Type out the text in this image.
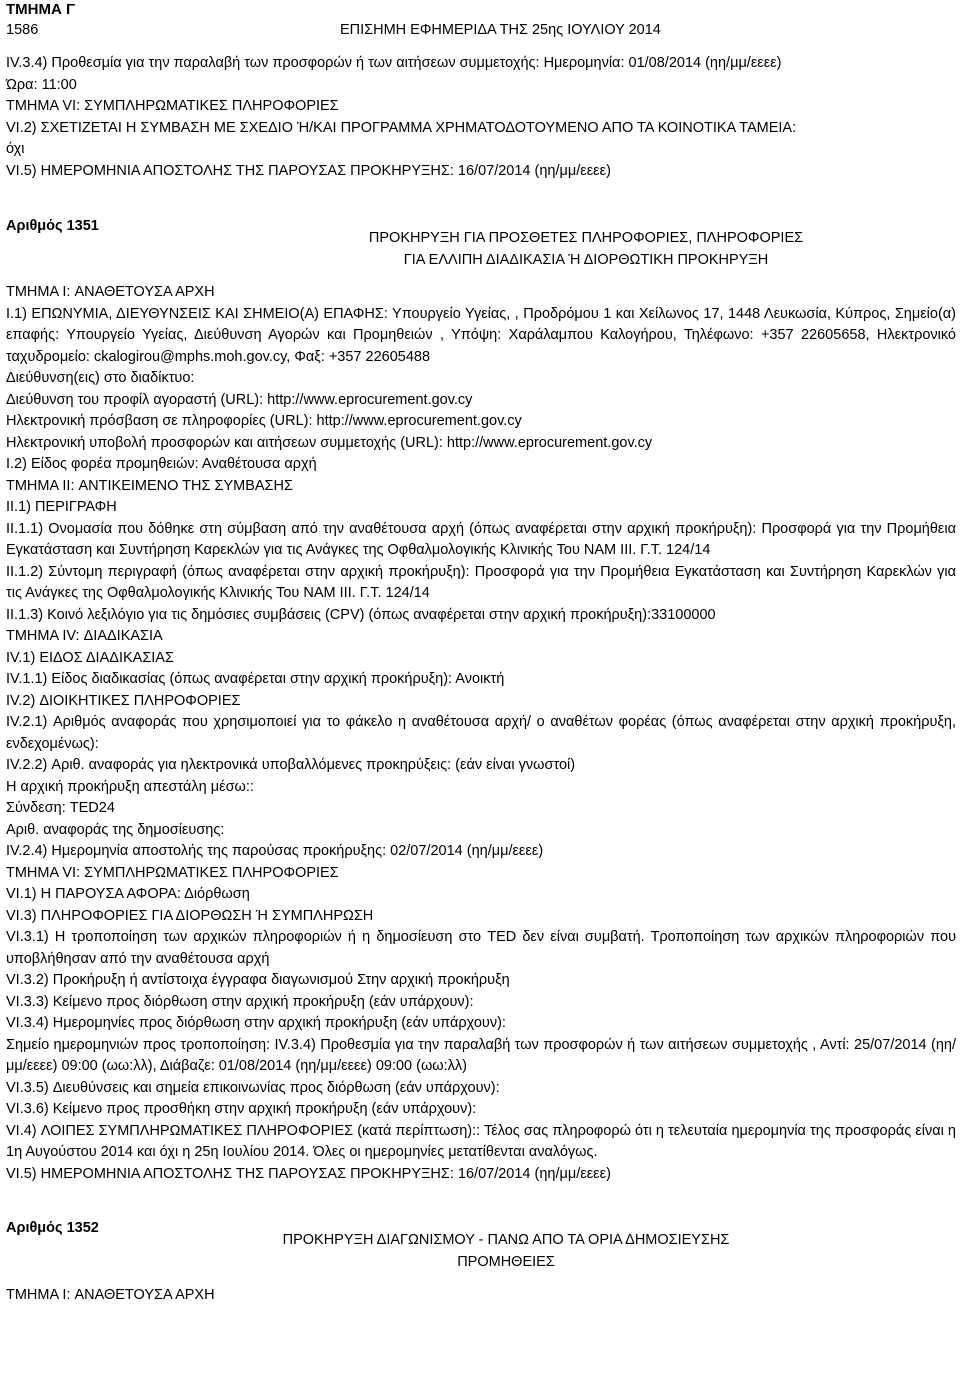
ΤΜΗΜΑ Γ
1586	ΕΠΙΣΗΜΗ ΕΦΗΜΕΡΙΔΑ ΤΗΣ 25ης ΙΟΥΛΙΟΥ 2014
IV.3.4) Προθεσμία για την παραλαβή των προσφορών ή των αιτήσεων συμμετοχής: Ημερομηνία: 01/08/2014 (ηη/μμ/εεεε)
Ώρα: 11:00
ΤΜΗΜΑ VI: ΣΥΜΠΛΗΡΩΜΑΤΙΚΕΣ ΠΛΗΡΟΦΟΡΙΕΣ
VI.2) ΣΧΕΤΙΖΕΤΑΙ Η ΣΥΜΒΑΣΗ ΜΕ ΣΧΕΔΙΟ Ή/ΚΑΙ ΠΡΟΓΡΑΜΜΑ ΧΡΗΜΑΤΟΔΟΤΟΥΜΕΝΟ ΑΠΟ ΤΑ ΚΟΙΝΟΤΙΚΑ ΤΑΜΕΙΑ:
όχι
VI.5) ΗΜΕΡΟΜΗΝΙΑ ΑΠΟΣΤΟΛΗΣ ΤΗΣ ΠΑΡΟΥΣΑΣ ΠΡΟΚΗΡΥΞΗΣ: 16/07/2014 (ηη/μμ/εεεε)
Αριθμός 1351
ΠΡΟΚΗΡΥΞΗ ΓΙΑ ΠΡΟΣΘΕΤΕΣ ΠΛΗΡΟΦΟΡΙΕΣ, ΠΛΗΡΟΦΟΡΙΕΣ
ΓΙΑ ΕΛΛΙΠΗ ΔΙΑΔΙΚΑΣΙΑ Ή ΔΙΟΡΘΩΤΙΚΗ ΠΡΟΚΗΡΥΞΗ
ΤΜΗΜΑ I: ΑΝΑΘΕΤΟΥΣΑ ΑΡΧΗ
I.1) ΕΠΩΝΥΜΙΑ, ΔΙΕΥΘΥΝΣΕΙΣ ΚΑΙ ΣΗΜΕΙΟ(Α) ΕΠΑΦΗΣ: Υπουργείο Υγείας, , Προδρόμου 1 και Χείλωνος 17, 1448 Λευκωσία, Κύπρος, Σημείο(α) επαφής: Υπουργείο Υγείας, Διεύθυνση Αγορών και Προμηθειών , Υπόψη: Χαράλαμπου Καλογήρου, Τηλέφωνο: +357 22605658, Ηλεκτρονικό ταχυδρομείο: ckalogirou@mphs.moh.gov.cy, Φαξ: +357 22605488
Διεύθυνση(εις) στο διαδίκτυο:
Διεύθυνση του προφίλ αγοραστή (URL): http://www.eprocurement.gov.cy
Ηλεκτρονική πρόσβαση σε πληροφορίες (URL): http://www.eprocurement.gov.cy
Ηλεκτρονική υποβολή προσφορών και αιτήσεων συμμετοχής (URL): http://www.eprocurement.gov.cy
I.2) Είδος φορέα προμηθειών: Αναθέτουσα αρχή
ΤΜΗΜΑ II: ΑΝΤΙΚΕΙΜΕΝΟ ΤΗΣ ΣΥΜΒΑΣΗΣ
II.1) ΠΕΡΙΓΡΑΦΗ
II.1.1) Ονομασία που δόθηκε στη σύμβαση από την αναθέτουσα αρχή (όπως αναφέρεται στην αρχική προκήρυξη): Προσφορά για την Προμήθεια Εγκατάσταση και Συντήρηση Καρεκλών για τις Ανάγκες της Οφθαλμολογικής Κλινικής Του ΝΑΜ ΙΙΙ. Γ.Τ. 124/14
II.1.2) Σύντομη περιγραφή (όπως αναφέρεται στην αρχική προκήρυξη): Προσφορά για την Προμήθεια Εγκατάσταση και Συντήρηση Καρεκλών για τις Ανάγκες της Οφθαλμολογικής Κλινικής Του ΝΑΜ ΙΙΙ. Γ.Τ. 124/14
II.1.3) Κοινό λεξιλόγιο για τις δημόσιες συμβάσεις (CPV) (όπως αναφέρεται στην αρχική προκήρυξη):33100000
ΤΜΗΜΑ IV: ΔΙΑΔΙΚΑΣΙΑ
IV.1) ΕΙΔΟΣ ΔΙΑΔΙΚΑΣΙΑΣ
IV.1.1) Είδος διαδικασίας (όπως αναφέρεται στην αρχική προκήρυξη): Ανοικτή
IV.2) ΔΙΟΙΚΗΤΙΚΕΣ ΠΛΗΡΟΦΟΡΙΕΣ
IV.2.1) Αριθμός αναφοράς που χρησιμοποιεί για το φάκελο η αναθέτουσα αρχή/ ο αναθέτων φορέας (όπως αναφέρεται στην αρχική προκήρυξη, ενδεχομένως):
IV.2.2) Αριθ. αναφοράς για ηλεκτρονικά υποβαλλόμενες προκηρύξεις: (εάν είναι γνωστοί)
Η αρχική προκήρυξη απεστάλη μέσω::
Σύνδεση: TED24
Αριθ. αναφοράς της δημοσίευσης:
IV.2.4) Ημερομηνία αποστολής της παρούσας προκήρυξης: 02/07/2014 (ηη/μμ/εεεε)
ΤΜΗΜΑ VI: ΣΥΜΠΛΗΡΩΜΑΤΙΚΕΣ ΠΛΗΡΟΦΟΡΙΕΣ
VI.1) Η ΠΑΡΟΥΣΑ ΑΦΟΡΑ: Διόρθωση
VI.3) ΠΛΗΡΟΦΟΡΙΕΣ ΓΙΑ ΔΙΟΡΘΩΣΗ Ή ΣΥΜΠΛΗΡΩΣΗ
VI.3.1) Η τροποποίηση των αρχικών πληροφοριών ή η δημοσίευση στο TED δεν είναι συμβατή. Τροποποίηση των αρχικών πληροφοριών που υποβλήθησαν από την αναθέτουσα αρχή
VI.3.2) Προκήρυξη ή αντίστοιχα έγγραφα διαγωνισμού Στην αρχική προκήρυξη
VI.3.3) Κείμενο προς διόρθωση στην αρχική προκήρυξη (εάν υπάρχουν):
VI.3.4) Ημερομηνίες προς διόρθωση στην αρχική προκήρυξη (εάν υπάρχουν):
Σημείο ημερομηνιών προς τροποποίηση: IV.3.4) Προθεσμία για την παραλαβή των προσφορών ή των αιτήσεων συμμετοχής , Αντί: 25/07/2014 (ηη/μμ/εεεε) 09:00 (ωω:λλ), Διάβαζε: 01/08/2014 (ηη/μμ/εεεε) 09:00 (ωω:λλ)
VI.3.5) Διευθύνσεις και σημεία επικοινωνίας προς διόρθωση (εάν υπάρχουν):
VI.3.6) Κείμενο προς προσθήκη στην αρχική προκήρυξη (εάν υπάρχουν):
VI.4) ΛΟΙΠΕΣ ΣΥΜΠΛΗΡΩΜΑΤΙΚΕΣ ΠΛΗΡΟΦΟΡΙΕΣ (κατά περίπτωση):: Τέλος σας πληροφορώ ότι η τελευταία ημερομηνία της προσφοράς είναι η 1η Αυγούστου 2014 και όχι η 25η Ιουλίου 2014. Όλες οι ημερομηνίες μετατίθενται αναλόγως.
VI.5) ΗΜΕΡΟΜΗΝΙΑ ΑΠΟΣΤΟΛΗΣ ΤΗΣ ΠΑΡΟΥΣΑΣ ΠΡΟΚΗΡΥΞΗΣ: 16/07/2014 (ηη/μμ/εεεε)
Αριθμός 1352
ΠΡΟΚΗΡΥΞΗ ΔΙΑΓΩΝΙΣΜΟΥ - ΠΑΝΩ ΑΠΟ ΤΑ ΟΡΙΑ ΔΗΜΟΣΙΕΥΣΗΣ ΠΡΟΜΗΘΕΙΕΣ
ΤΜΗΜΑ I: ΑΝΑΘΕΤΟΥΣΑ ΑΡΧΗ
